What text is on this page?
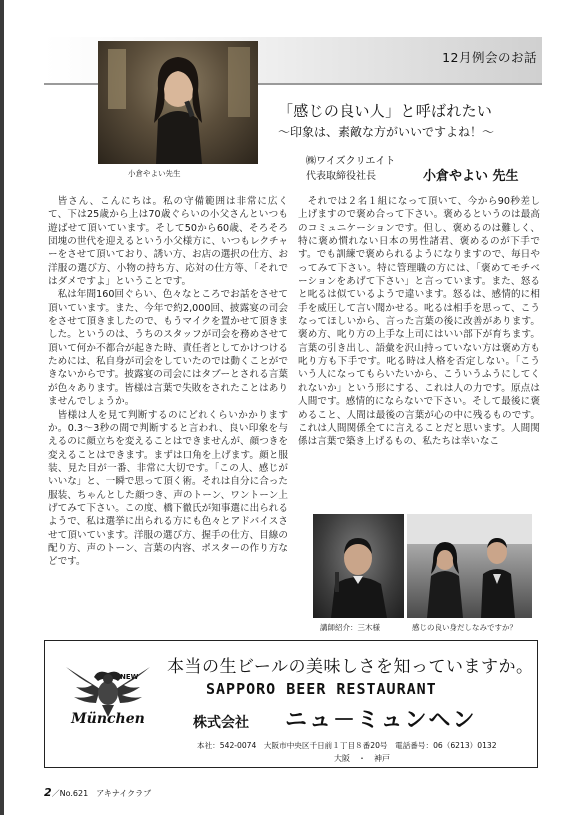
12月例会のお話
小倉やよい先生
「感じの良い人」と呼ばれたい
〜印象は、素敵な方がいいですよね！〜
㈱ワイズクリエイト
代表取締役社長	小倉やよい 先生

皆さん、こんにちは。私の守備範囲は非常に広くて、下は25歳から上は70歳ぐらいの小父さんといつも遊ばせて頂いています。そして50から60歳、そろそろ団塊の世代を迎えるという小父様方に、いつもレクチャーをさせて頂いており、誘い方、お店の選択の仕方、お洋服の選び方、小物の持ち方、応対の仕方等、「それではダメですよ」ということです。

私は年間160回ぐらい、色々なところでお話をさせて頂いています。また、今年で約2,000回、披露宴の司会をさせて頂きましたので、もうマイクを置かせて頂きました。というのは、うちのスタッフが司会を務めさせて頂いて何か不都合が起きた時、責任者としてかけつけるためには、私自身が司会をしていたのでは動くことができないからです。披露宴の司会にはタブーとされる言葉が色々あります。皆様は言葉で失敗をされたことはありませんでしょうか。

皆様は人を見て判断するのにどれくらいかかりますか。0.3〜3秒の間で判断すると言われ、良い印象を与えるのに顔立ちを変えることはできませんが、顔つきを変えることはできます。まずは口角を上げます。顔と服装、見た目が一番、非常に大切です。「この人、感じがいいな」と、一瞬で思って頂く術。それは自分に合った服装、ちゃんとした顔つき、声のトーン、ワントーン上げてみて下さい。この度、橋下徹氏が知事選に出られるようで、私は選挙に出られる方にも色々とアドバイスさせて頂いています。洋服の選び方、握手の仕方、目線の配り方、声のトーン、言葉の内容、ポスターの作り方などです。

それでは２名１組になって頂いて、今から90秒差し上げますので褒め合って下さい。褒めるというのは最高のコミュニケーションです。但し、褒めるのは難しく、特に褒め慣れない日本の男性諸君、褒めるのが下手です。でも訓練で褒められるようになりますので、毎日やってみて下さい。特に管理職の方には、「褒めてモチベーションをあげて下さい」と言っています。また、怒ると叱るは似ているようで違います。怒るは、感情的に相手を威圧して言い聞かせる。叱るは相手を思って、こうなってほしいから、言った言葉の後に改善があります。褒め方、叱り方の上手な上司にはいい部下が育ちます。言葉の引き出し、語彙を沢山持っていない方は褒め方も叱り方も下手です。叱る時は人格を否定しない。「こういう人になってもらいたいから、こういうふうにしてくれないか」という形にする、これは人の力です。原点は人間です。感情的にならないで下さい。そして最後に褒めること、人間は最後の言葉が心の中に残るものです。これは人間関係全てに言えることだと思います。人間関係は言葉で築き上げるもの、私たちは幸いなこ

講師紹介：三木様	感じの良い身だしなみですか？
NEW
München
本当の生ビールの美味しさを知っていますか。
SAPPORO BEER RESTAURANT
株式会社 ニュ－ミュンヘン
本社：542-0074　大阪市中央区千日前１丁目８番20号　電話番号：06（6213）0132
大阪　・　神戸
2／No.621　アキナイクラブ
